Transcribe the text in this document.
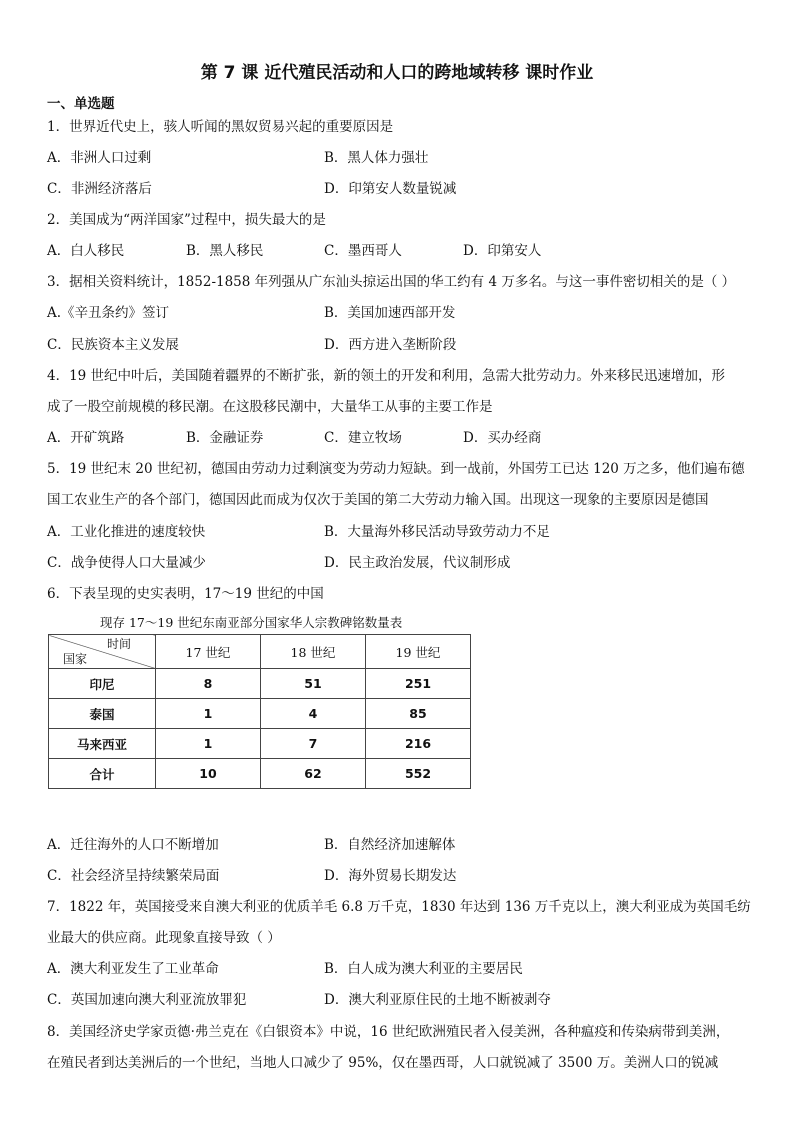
第 7 课 近代殖民活动和人口的跨地域转移 课时作业
一、单选题
1．世界近代史上，骇人听闻的黑奴贸易兴起的重要原因是
A．非洲人口过剩	B．黑人体力强壮
C．非洲经济落后	D．印第安人数量锐减
2．美国成为“两洋国家”过程中，损失最大的是
A．白人移民	B．黑人移民	C．墨西哥人	D．印第安人
3．据相关资料统计，1852-1858 年列强从广东汕头掠运出国的华工约有 4 万多名。与这一事件密切相关的是（ ）
A.《辛丑条约》签订	B．美国加速西部开发
C．民族资本主义发展	D．西方进入垄断阶段
4．19 世纪中叶后，美国随着疆界的不断扩张，新的领土的开发和利用，急需大批劳动力。外来移民迅速增加，形
成了一股空前规模的移民潮。在这股移民潮中，大量华工从事的主要工作是
A．开矿筑路	B．金融证券	C．建立牧场	D．买办经商
5．19 世纪末 20 世纪初，德国由劳动力过剩演变为劳动力短缺。到一战前，外国劳工已达 120 万之多，他们遍布德
国工农业生产的各个部门，德国因此而成为仅次于美国的第二大劳动力输入国。出现这一现象的主要原因是德国
A．工业化推进的速度较快	B．大量海外移民活动导致劳动力不足
C．战争使得人口大量减少	D．民主政治发展，代议制形成
6．下表呈现的史实表明，17～19 世纪的中国
现存 17～19 世纪东南亚部分国家华人宗教碑铭数量表
时间
国家	17 世纪	18 世纪	19 世纪
印尼	8	51	251
泰国	1	4	85
马来西亚	1	7	216
合计	10	62	552
A．迁往海外的人口不断增加	B．自然经济加速解体
C．社会经济呈持续繁荣局面	D．海外贸易长期发达
7．1822 年，英国接受来自澳大利亚的优质羊毛 6.8 万千克，1830 年达到 136 万千克以上，澳大利亚成为英国毛纺
业最大的供应商。此现象直接导致（ ）
A．澳大利亚发生了工业革命	B．白人成为澳大利亚的主要居民
C．英国加速向澳大利亚流放罪犯	D．澳大利亚原住民的土地不断被剥夺
8．美国经济史学家贡德·弗兰克在《白银资本》中说，16 世纪欧洲殖民者入侵美洲，各种瘟疫和传染病带到美洲，
在殖民者到达美洲后的一个世纪，当地人口减少了 95%，仅在墨西哥，人口就锐减了 3500 万。美洲人口的锐减
